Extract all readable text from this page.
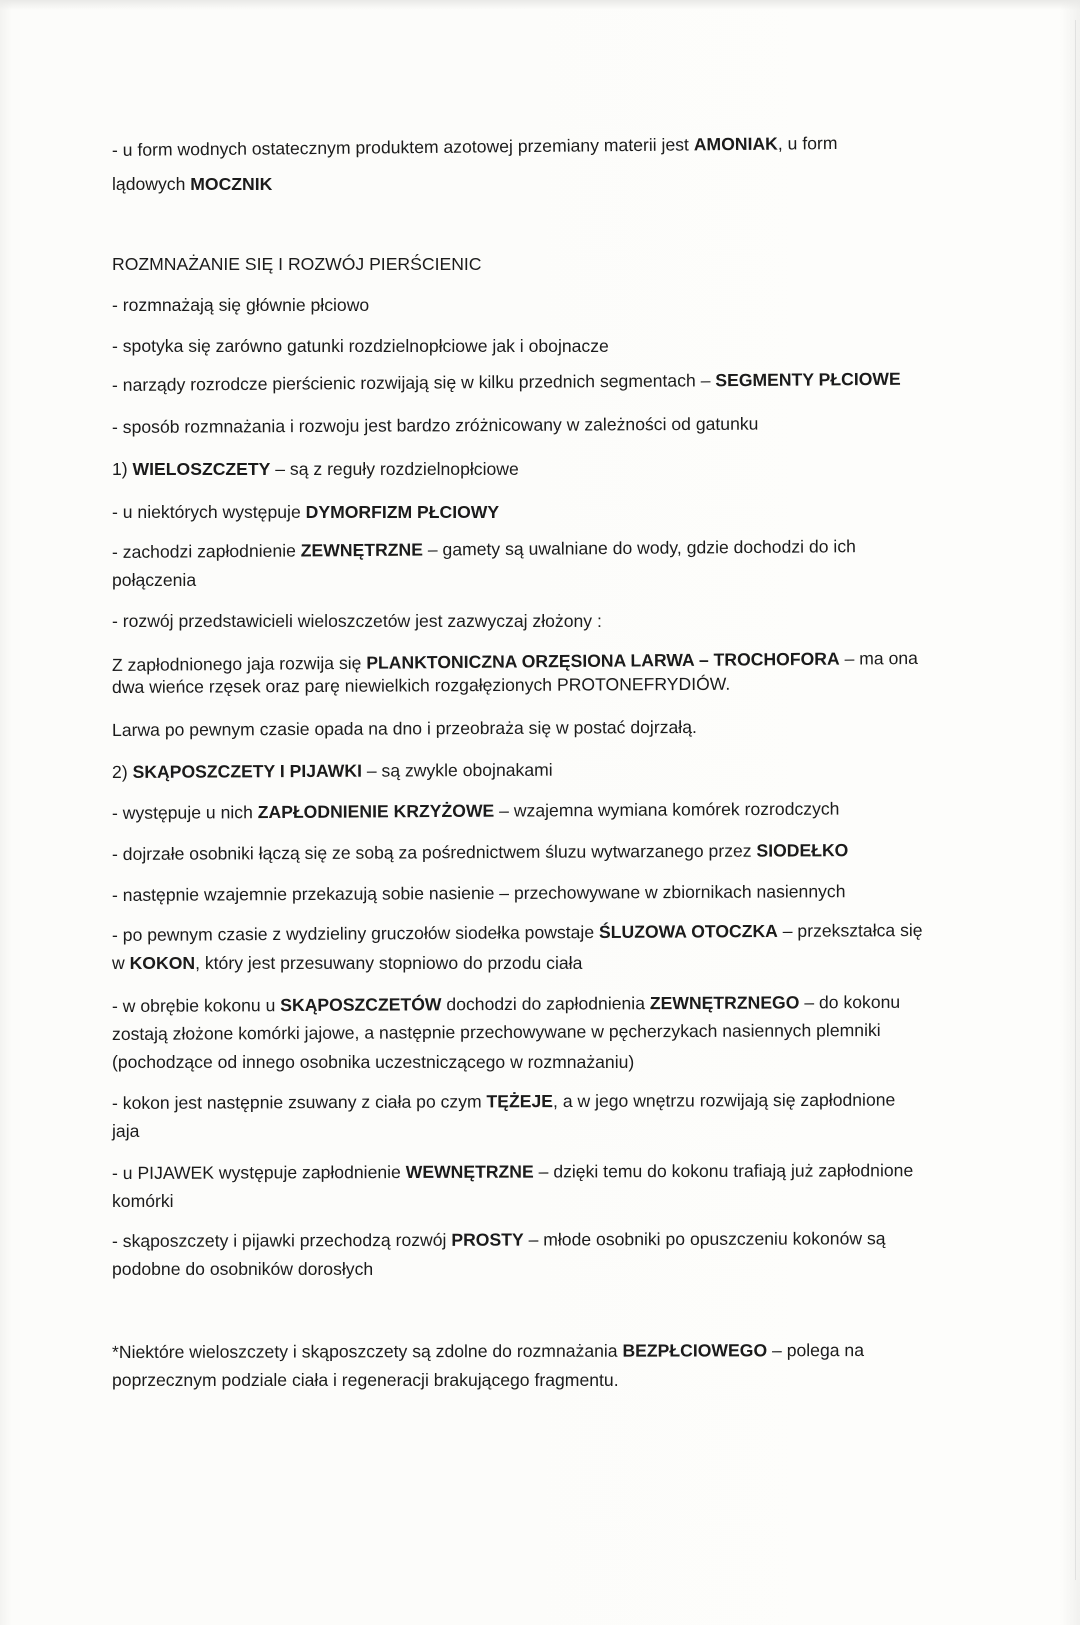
- u form wodnych ostatecznym produktem azotowej przemiany materii jest AMONIAK, u form
lądowych MOCZNIK
ROZMNAŻANIE SIĘ I ROZWÓJ PIERŚCIENIC
- rozmnażają się głównie płciowo
- spotyka się zarówno gatunki rozdzielnopłciowe jak i obojnacze
- narządy rozrodcze pierścienic rozwijają się w kilku przednich segmentach – SEGMENTY PŁCIOWE
- sposób rozmnażania i rozwoju jest bardzo zróżnicowany w zależności od gatunku
1) WIELOSZCZETY – są z reguły rozdzielnopłciowe
- u niektórych występuje DYMORFIZM PŁCIOWY
- zachodzi zapłodnienie ZEWNĘTRZNE – gamety są uwalniane do wody, gdzie dochodzi do ich
połączenia
- rozwój przedstawicieli wieloszczetów jest zazwyczaj złożony :
Z zapłodnionego jaja rozwija się PLANKTONICZNA ORZĘSIONA LARWA – TROCHOFORA – ma ona
dwa wieńce rzęsek oraz parę niewielkich rozgałęzionych PROTONEFRYDIÓW.
Larwa po pewnym czasie opada na dno i przeobraża się w postać dojrzałą.
2) SKĄPOSZCZETY I PIJAWKI – są zwykle obojnakami
- występuje u nich ZAPŁODNIENIE KRZYŻOWE – wzajemna wymiana komórek rozrodczych
- dojrzałe osobniki łączą się ze sobą za pośrednictwem śluzu wytwarzanego przez SIODEŁKO
- następnie wzajemnie przekazują sobie nasienie – przechowywane w zbiornikach nasiennych
- po pewnym czasie z wydzieliny gruczołów siodełka powstaje ŚLUZOWA OTOCZKA – przekształca się
w KOKON, który jest przesuwany stopniowo do przodu ciała
- w obrębie kokonu u SKĄPOSZCZETÓW dochodzi do zapłodnienia ZEWNĘTRZNEGO – do kokonu
zostają złożone komórki jajowe, a następnie przechowywane w pęcherzykach nasiennych plemniki
(pochodzące od innego osobnika uczestniczącego w rozmnażaniu)
- kokon jest następnie zsuwany z ciała po czym TĘŻEJE, a w jego wnętrzu rozwijają się zapłodnione
jaja
- u PIJAWEK występuje zapłodnienie WEWNĘTRZNE – dzięki temu do kokonu trafiają już zapłodnione
komórki
- skąposzczety i pijawki przechodzą rozwój PROSTY – młode osobniki po opuszczeniu kokonów są
podobne do osobników dorosłych
*Niektóre wieloszczety i skąposzczety są zdolne do rozmnażania BEZPŁCIOWEGO – polega na
poprzecznym podziale ciała i regeneracji brakującego fragmentu.
